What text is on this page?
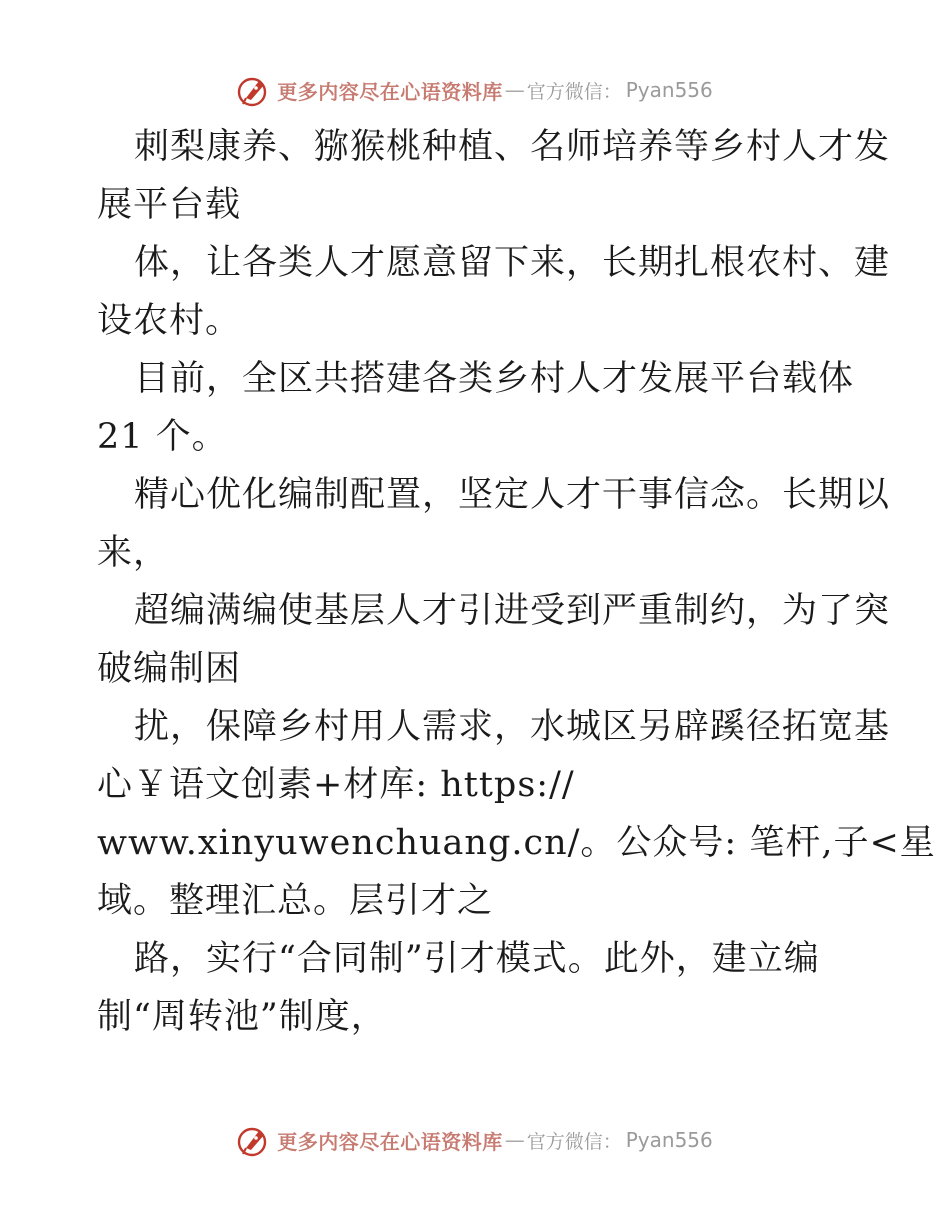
更多内容尽在心语资料库 — 官方微信： Pyan556
刺梨康养、猕猴桃种植、名师培养等乡村人才发
展平台载
体，让各类人才愿意留下来，长期扎根农村、建
设农村。
目前，全区共搭建各类乡村人才发展平台载体
21 个。
精心优化编制配置，坚定人才干事信念。长期以
来，
超编满编使基层人才引进受到严重制约，为了突
破编制困
扰，保障乡村用人需求，水城区另辟蹊径拓宽基
心￥语文创素+材库: https://
www.xinyuwenchuang.cn/。公众号: 笔杆,子<星
域。整理汇总。层引才之
路，实行“合同制”引才模式。此外，建立编
制“周转池”制度，
更多内容尽在心语资料库 — 官方微信： Pyan556
